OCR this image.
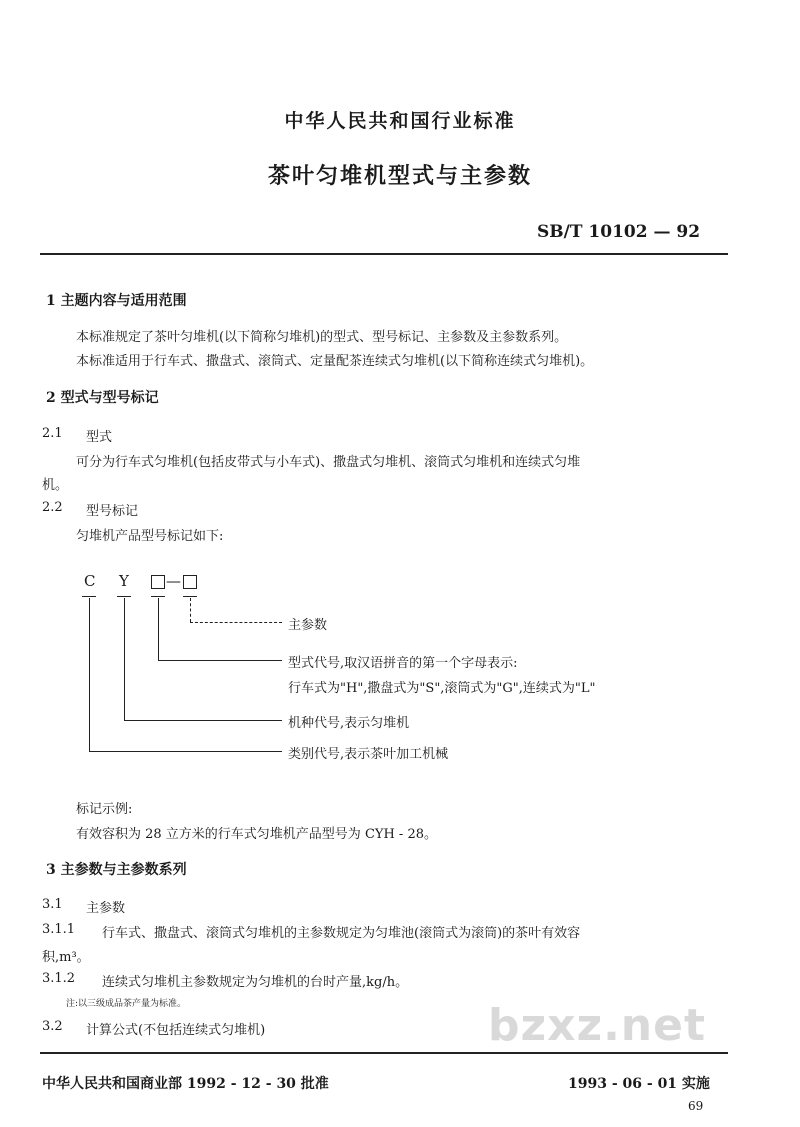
中华人民共和国行业标准
茶叶匀堆机型式与主参数
SB/T 10102 — 92
1 主题内容与适用范围
本标准规定了茶叶匀堆机(以下简称匀堆机)的型式、型号标记、主参数及主参数系列。
本标准适用于行车式、撒盘式、滚筒式、定量配茶连续式匀堆机(以下简称连续式匀堆机)。
2 型式与型号标记
2.1 型式
可分为行车式匀堆机(包括皮带式与小车式)、撒盘式匀堆机、滚筒式匀堆机和连续式匀堆
机。
2.2 型号标记
匀堆机产品型号标记如下:
C Y —
主参数
型式代号,取汉语拼音的第一个字母表示:
行车式为"H",撒盘式为"S",滚筒式为"G",连续式为"L"
机种代号,表示匀堆机
类别代号,表示茶叶加工机械
标记示例:
有效容积为 28 立方米的行车式匀堆机产品型号为 CYH - 28。
3 主参数与主参数系列
3.1 主参数
3.1.1 行车式、撒盘式、滚筒式匀堆机的主参数规定为匀堆池(滚筒式为滚筒)的茶叶有效容
积,m³。
3.1.2 连续式匀堆机主参数规定为匀堆机的台时产量,kg/h。
注:以三级成品茶产量为标准。
3.2 计算公式(不包括连续式匀堆机)	bzxz.net
中华人民共和国商业部 1992 - 12 - 30 批准	1993 - 06 - 01 实施
69
